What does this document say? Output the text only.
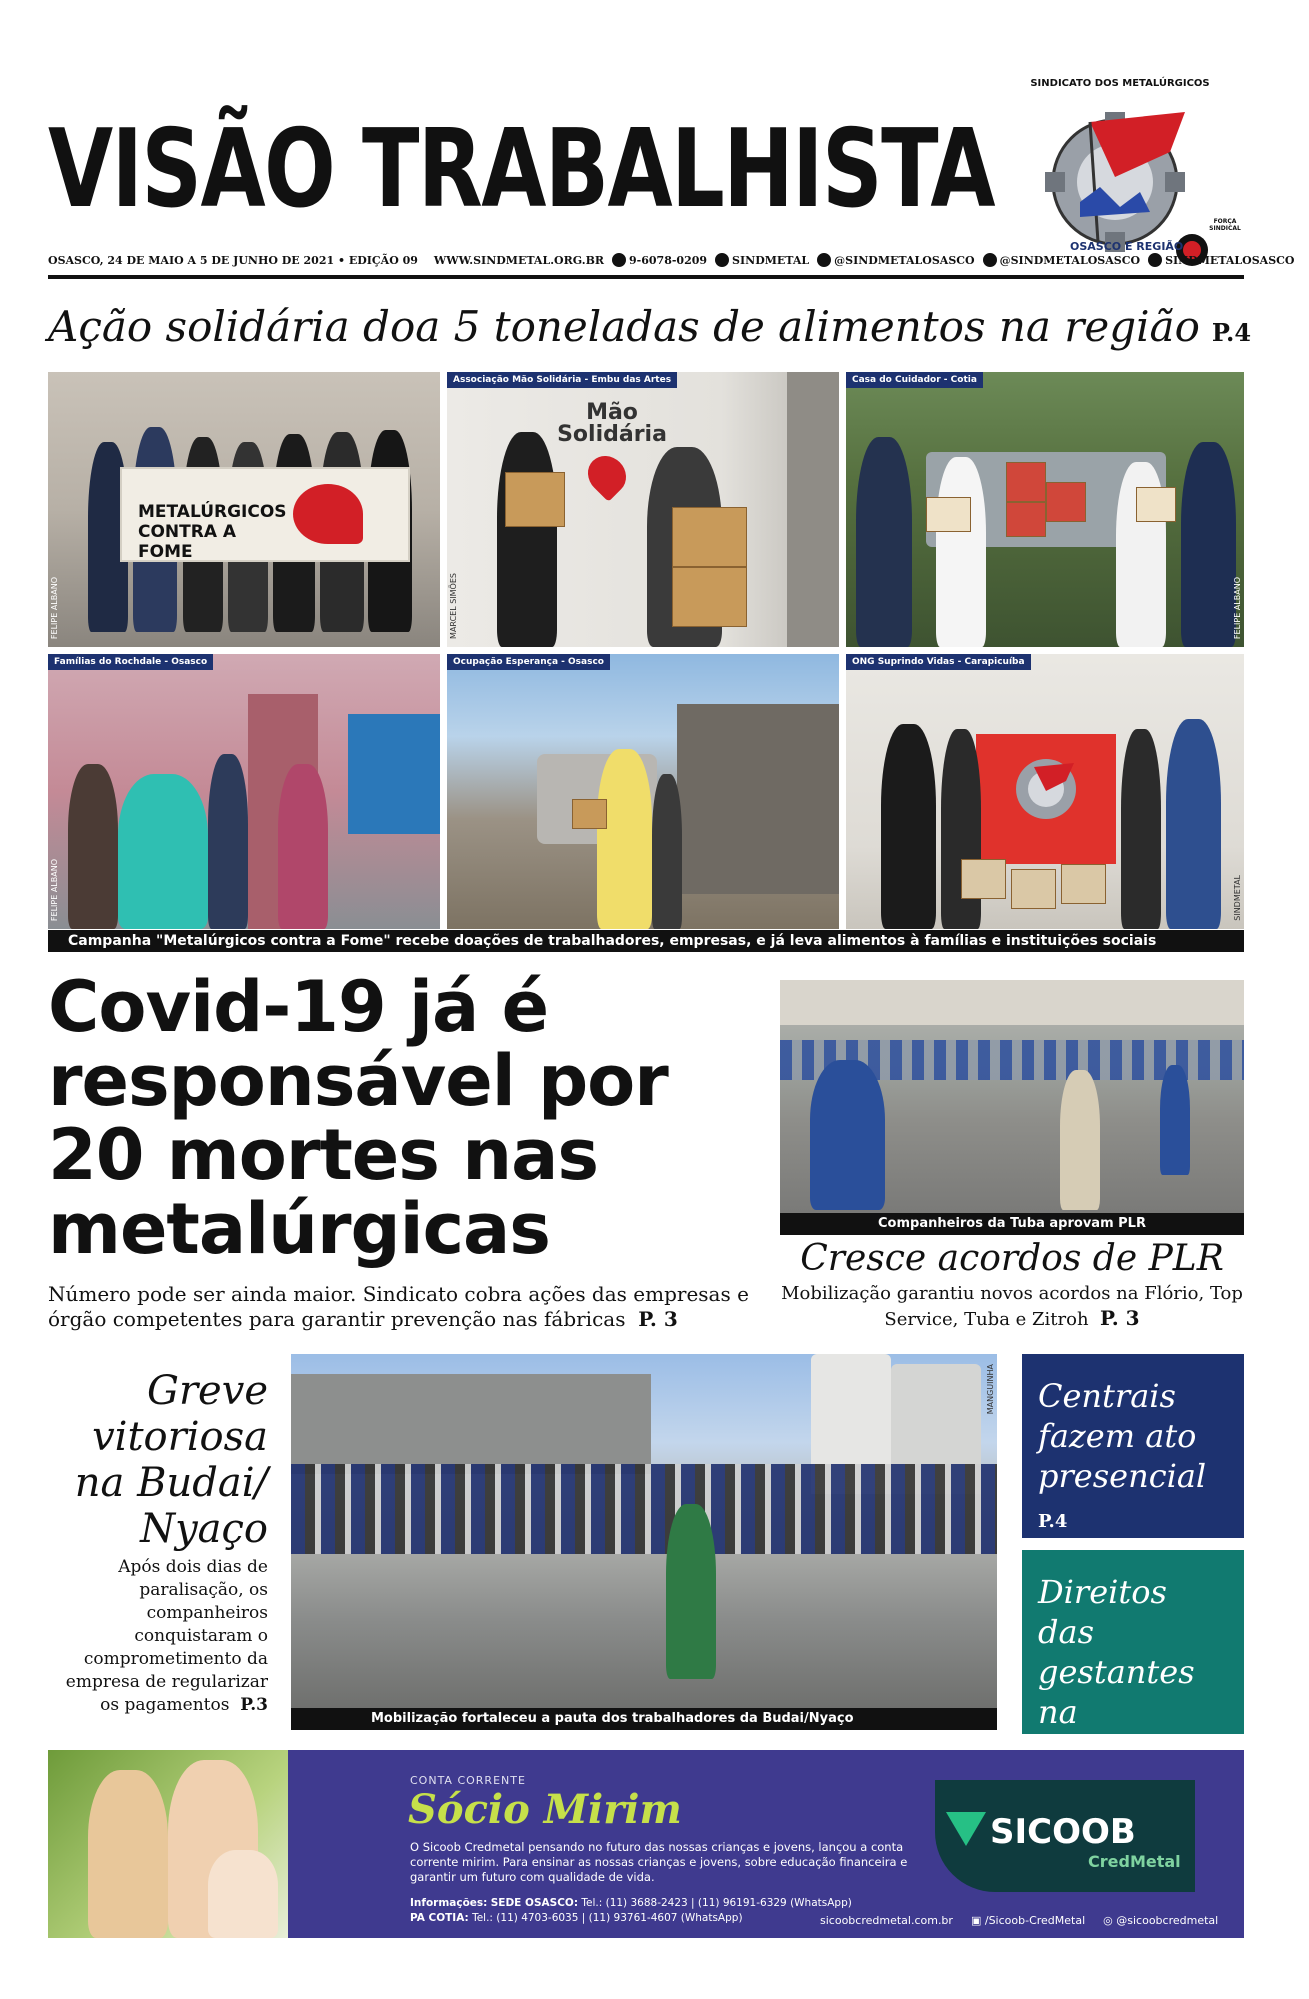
VISÃO TRABALHISTA
SINDICATO DOS METALÚRGICOS
OSASCO E REGIÃO
FORÇA SINDICAL
OSASCO, 24 DE MAIO A 5 DE JUNHO DE 2021 • EDIÇÃO 09 WWW.SINDMETAL.ORG.BR 9-6078-0209 SINDMETAL @SINDMETALOSASCO @SINDMETALOSASCO SINDMETALOSASCO
Ação solidária doa 5 toneladas de alimentos na região P.4
METALÚRGICOS CONTRA A FOME
FELIPE ALBANO
Mão Solidária
Associação Mão Solidária - Embu das Artes
MARCEL SIMÕES
Casa do Cuidador - Cotia
FELIPE ALBANO
Famílias do Rochdale - Osasco
FELIPE ALBANO
Ocupação Esperança - Osasco	ONG Suprindo Vidas - Carapicuíba
SINDMETAL
Campanha "Metalúrgicos contra a Fome" recebe doações de trabalhadores, empresas, e já leva alimentos à famílias e instituições sociais
Covid-19 já é responsável por 20 mortes nas metalúrgicas
Número pode ser ainda maior. Sindicato cobra ações das empresas e órgão competentes para garantir prevenção nas fábricas P. 3
Companheiros da Tuba aprovam PLR
Cresce acordos de PLR
Mobilização garantiu novos acordos na Flório, Top Service, Tuba e Zitroh P. 3
Greve vitoriosa na Budai/ Nyaço
Após dois dias de paralisação, os companheiros conquistaram o comprometimento da empresa de regularizar os pagamentos P.3
MANGUINHA
Mobilização fortaleceu a pauta dos trabalhadores da Budai/Nyaço
Centrais fazem ato presencial P.4
Direitos das gestantes na
CONTA CORRENTE
Sócio Mirim
O Sicoob Credmetal pensando no futuro das nossas crianças e jovens, lançou a conta corrente mirim. Para ensinar as nossas crianças e jovens, sobre educação financeira e garantir um futuro com qualidade de vida.
Informações: SEDE OSASCO: Tel.: (11) 3688-2423 | (11) 96191-6329 (WhatsApp)
PA COTIA: Tel.: (11) 4703-6035 | (11) 93761-4607 (WhatsApp)
SICOOB
CredMetal
sicoobcredmetal.com.br ▣ /Sicoob-CredMetal ◎ @sicoobcredmetal
